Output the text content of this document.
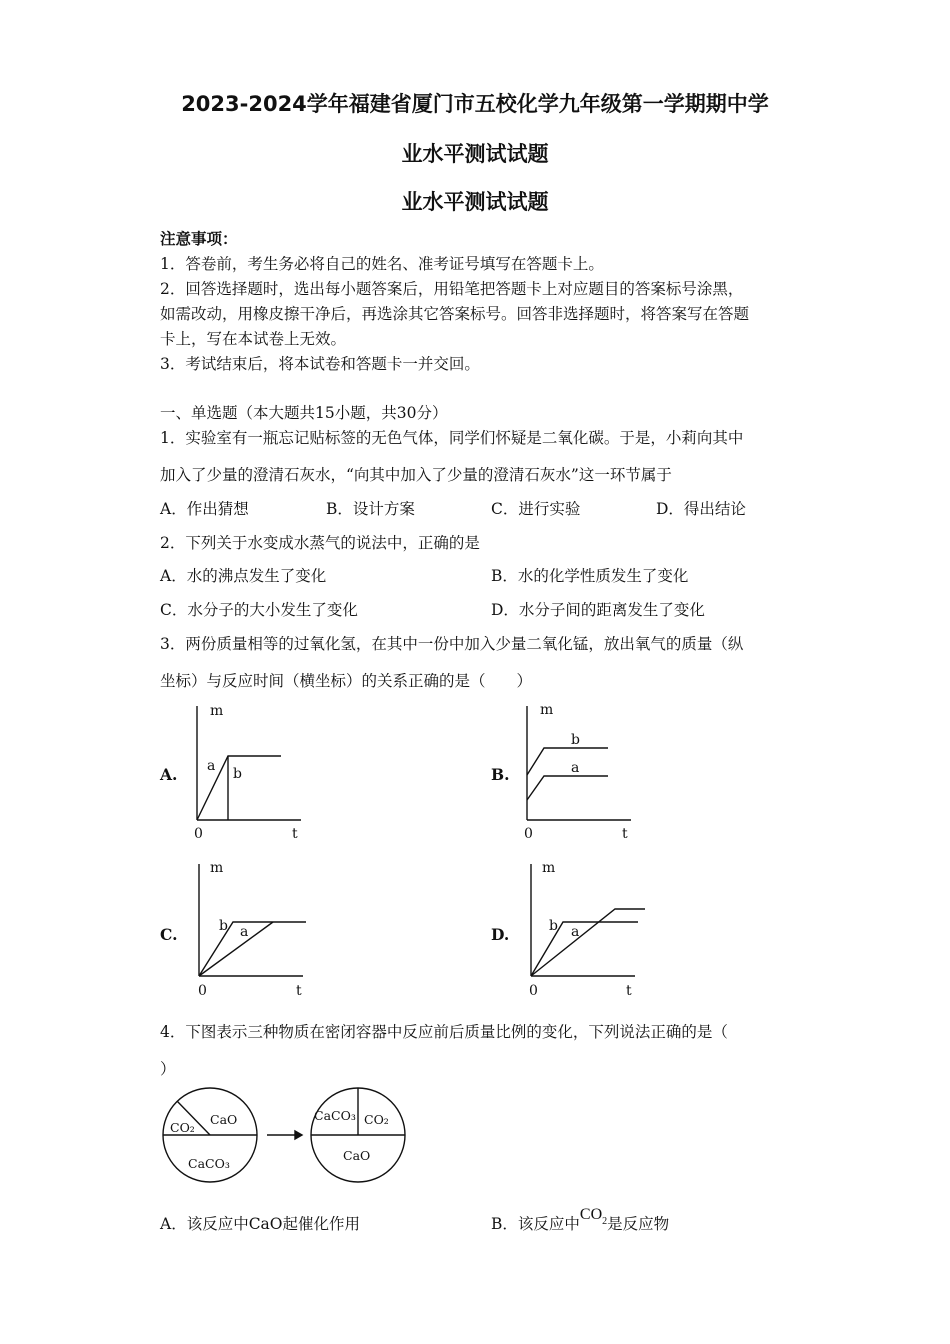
2023-2024学年福建省厦门市五校化学九年级第一学期期中学
业水平测试试题
业水平测试试题
注意事项：
1．答卷前，考生务必将自己的姓名、准考证号填写在答题卡上。
2．回答选择题时，选出每小题答案后，用铅笔把答题卡上对应题目的答案标号涂黑，
如需改动，用橡皮擦干净后，再选涂其它答案标号。回答非选择题时，将答案写在答题
卡上，写在本试卷上无效。
3．考试结束后，将本试卷和答题卡一并交回。
一、单选题（本大题共15小题，共30分）
1．实验室有一瓶忘记贴标签的无色气体，同学们怀疑是二氧化碳。于是，小莉向其中
加入了少量的澄清石灰水，“向其中加入了少量的澄清石灰水”这一环节属于
A．作出猜想	B．设计方案	C．进行实验	D．得出结论
2．下列关于水变成水蒸气的说法中，正确的是
A．水的沸点发生了变化	B．水的化学性质发生了变化
C．水分子的大小发生了变化	D．水分子间的距离发生了变化
3．两份质量相等的过氧化氢，在其中一份中加入少量二氧化锰，放出氧气的质量（纵
坐标）与反应时间（横坐标）的关系正确的是（　　）
A.
m
0	t
a b	B.
m
0	t
b
a
C.
m
0	t
b a	D.
m
0	t
b a
4．下图表示三种物质在密闭容器中反应前后质量比例的变化，下列说法正确的是（
）
CO₂
CaO
CaCO₃
CaCO₃ CO₂
CaO
A．该反应中CaO起催化作用	B．该反应中$CO_2$是反应物
